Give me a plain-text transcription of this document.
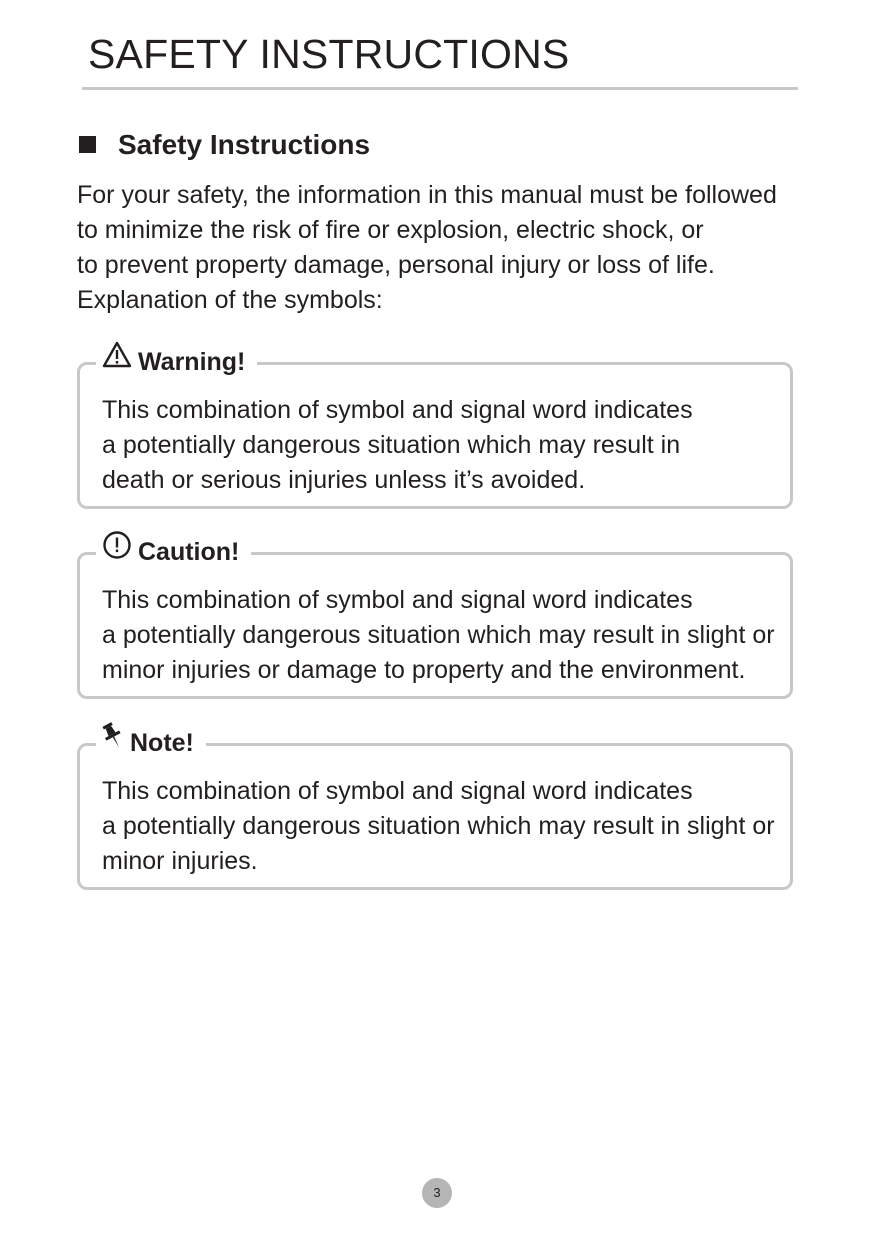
SAFETY INSTRUCTIONS
Safety Instructions

For your safety, the information in this manual must be followed
to minimize the risk of fire or explosion, electric shock, or
to prevent property damage, personal injury or loss of life.
Explanation of the symbols:

Warning!
This combination of symbol and signal word indicates
a potentially dangerous situation which may result in
death or serious injuries unless it’s avoided.
Caution!
This combination of symbol and signal word indicates
a potentially dangerous situation which may result in slight or
minor injuries or damage to property and the environment.
Note!
This combination of symbol and signal word indicates
a potentially dangerous situation which may result in slight or
minor injuries.
3
